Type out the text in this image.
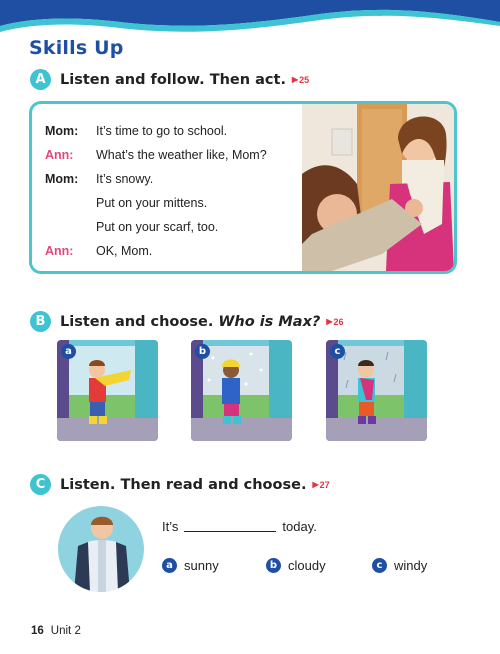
Skills Up
A Listen and follow. Then act. ▶ 25
Mom:	It’s time to go to school.
Ann:	What’s the weather like, Mom?
Mom:	It’s snowy.
Put on your mittens.
Put on your scarf, too.
Ann:	OK, Mom.
B	Listen and choose. Who is Max? ▶ 26
a	b	c
C	Listen. Then read and choose. ▶ 27
It’s	today.
a sunny	b cloudy	c windy
16 Unit 2
